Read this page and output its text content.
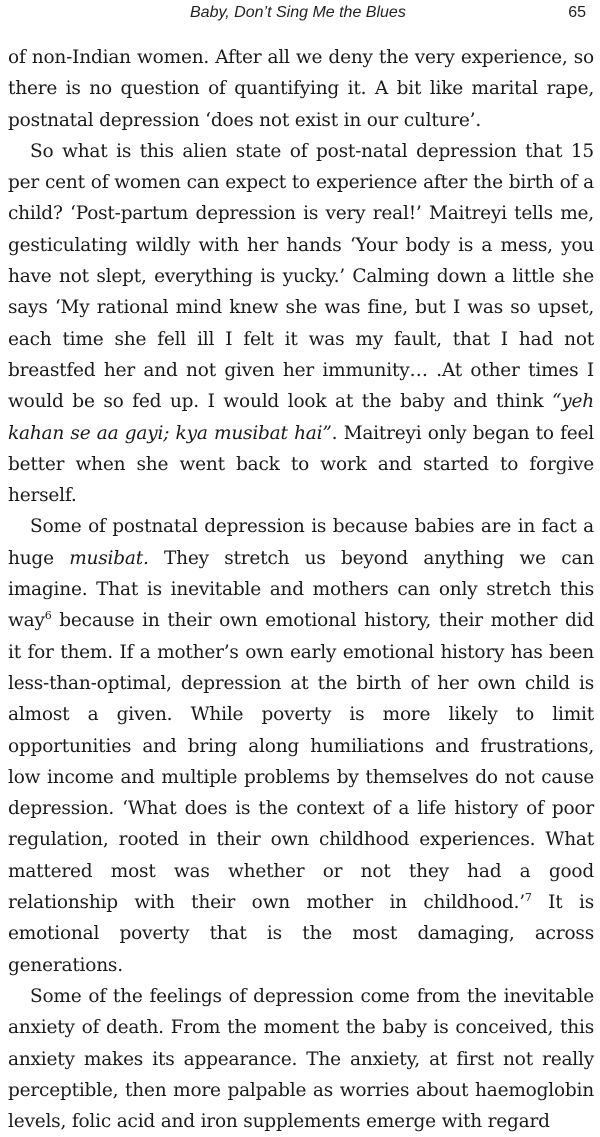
Baby, Don’t Sing Me the Blues	65

of non-Indian women. After all we deny the very experience, so there is no question of quantifying it. A bit like marital rape, postnatal depression ‘does not exist in our culture’.

So what is this alien state of post-natal depression that 15 per cent of women can expect to experience after the birth of a child? ‘Post-partum depression is very real!’ Maitreyi tells me, gesticulating wildly with her hands ‘Your body is a mess, you have not slept, everything is yucky.’ Calming down a little she says ‘My rational mind knew she was fine, but I was so upset, each time she fell ill I felt it was my fault, that I had not breastfed her and not given her immunity… .At other times I would be so fed up. I would look at the baby and think “yeh kahan se aa gayi; kya musibat hai”. Maitreyi only began to feel better when she went back to work and started to forgive herself.

Some of postnatal depression is because babies are in fact a huge musibat. They stretch us beyond anything we can imagine. That is inevitable and mothers can only stretch this way$^6$ because in their own emotional history, their mother did it for them. If a mother’s own early emotional history has been less-than-optimal, depression at the birth of her own child is almost a given. While poverty is more likely to limit opportunities and bring along humiliations and frustrations, low income and multiple problems by themselves do not cause depression. ‘What does is the context of a life history of poor regulation, rooted in their own childhood experiences. What mattered most was whether or not they had a good relationship with their own mother in childhood.’$^7$ It is emotional poverty that is the most damaging, across generations.

Some of the feelings of depression come from the inevitable anxiety of death. From the moment the baby is conceived, this anxiety makes its appearance. The anxiety, at first not really perceptible, then more palpable as worries about haemoglobin levels, folic acid and iron supplements emerge with regard
